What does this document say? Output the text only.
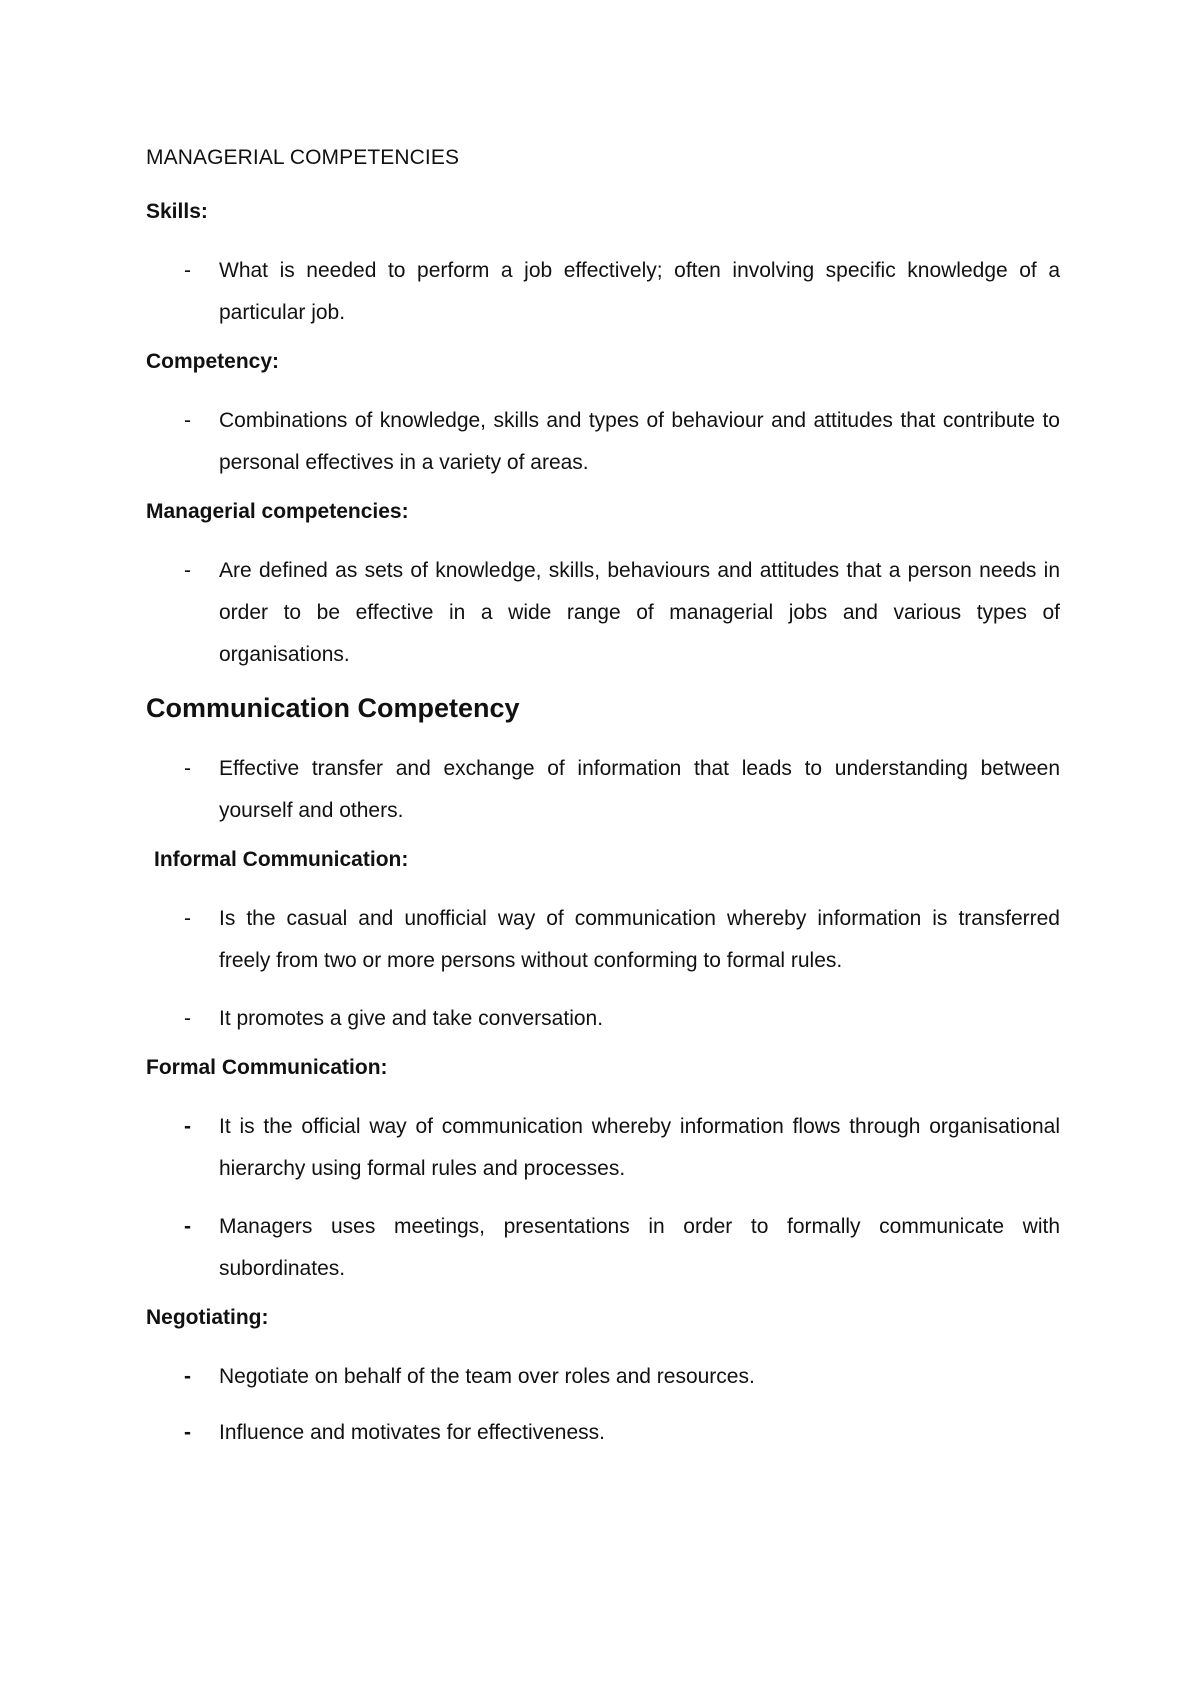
MANAGERIAL COMPETENCIES
Skills:
- What is needed to perform a job effectively; often involving specific knowledge of a particular job.
Competency:
- Combinations of knowledge, skills and types of behaviour and attitudes that contribute to personal effectives in a variety of areas.
Managerial competencies:
- Are defined as sets of knowledge, skills, behaviours and attitudes that a person needs in order to be effective in a wide range of managerial jobs and various types of organisations.
Communication Competency
- Effective transfer and exchange of information that leads to understanding between yourself and others.
Informal Communication:
- Is the casual and unofficial way of communication whereby information is transferred freely from two or more persons without conforming to formal rules.
- It promotes a give and take conversation.
Formal Communication:
- It is the official way of communication whereby information flows through organisational hierarchy using formal rules and processes.
- Managers uses meetings, presentations in order to formally communicate with subordinates.
Negotiating:
- Negotiate on behalf of the team over roles and resources.
- Influence and motivates for effectiveness.
